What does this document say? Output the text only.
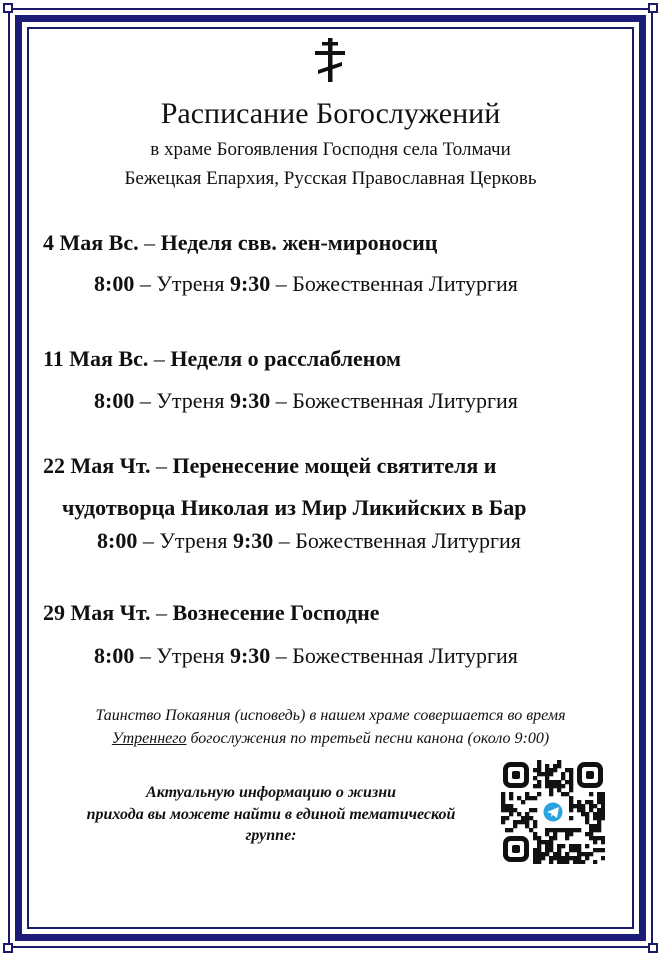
Расписание Богослужений
в храме Богоявления Господня села Толмачи
Бежецкая Епархия, Русская Православная Церковь
4 Мая Вс. – Неделя свв. жен-мироносиц
8:00 – Утреня 9:30 – Божественная Литургия
11 Мая Вс. – Неделя о расслабленом
8:00 – Утреня 9:30 – Божественная Литургия
22 Мая Чт. – Перенесение мощей святителя и
чудотворца Николая из Мир Ликийских в Бар
8:00 – Утреня 9:30 – Божественная Литургия
29 Мая Чт. – Вознесение Господне
8:00 – Утреня 9:30 – Божественная Литургия
Таинство Покаяния (исповедь) в нашем храме совершается во время
Утреннего богослужения по третьей песни канона (около 9:00)
Актуальную информацию о жизни
прихода вы можете найти в единой тематической
группе:
